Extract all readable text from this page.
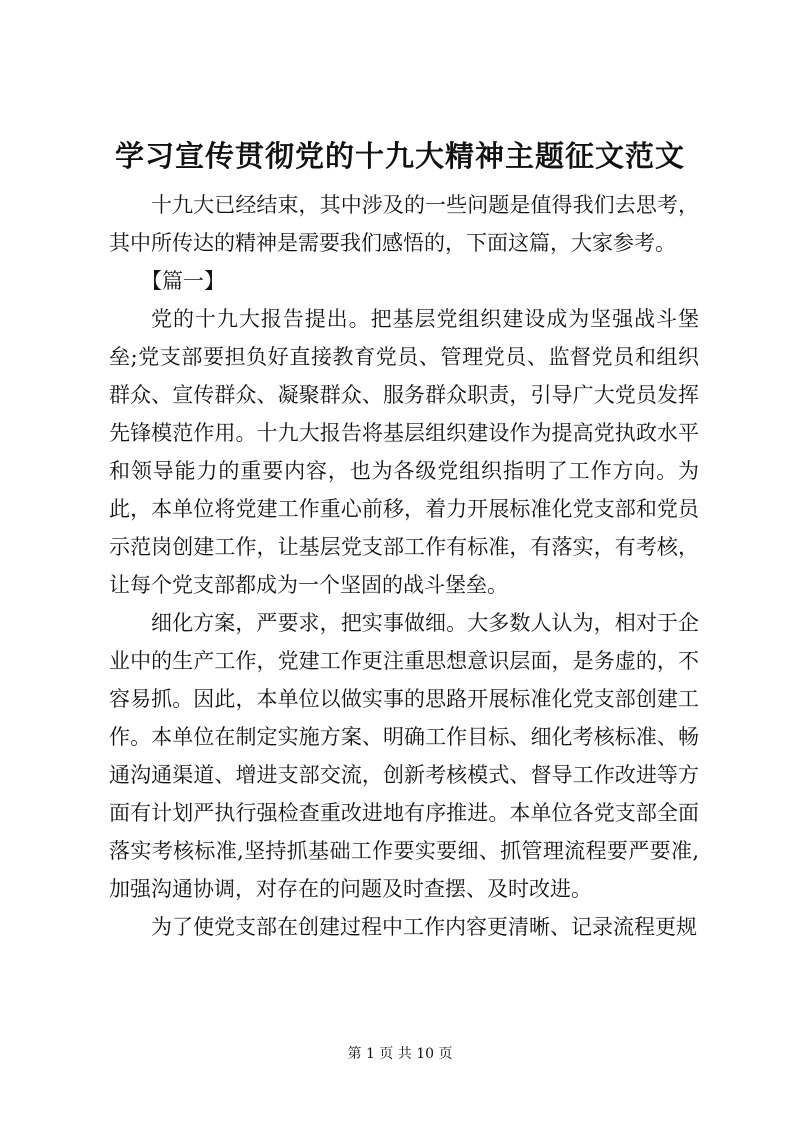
学习宣传贯彻党的十九大精神主题征文范文

十九大已经结束，其中涉及的一些问题是值得我们去思考，其中所传达的精神是需要我们感悟的，下面这篇，大家参考。

【篇一】

党的十九大报告提出。把基层党组织建设成为坚强战斗堡垒;党支部要担负好直接教育党员、管理党员、监督党员和组织群众、宣传群众、凝聚群众、服务群众职责，引导广大党员发挥先锋模范作用。十九大报告将基层组织建设作为提高党执政水平和领导能力的重要内容，也为各级党组织指明了工作方向。为此，本单位将党建工作重心前移，着力开展标准化党支部和党员示范岗创建工作，让基层党支部工作有标准，有落实，有考核，让每个党支部都成为一个坚固的战斗堡垒。

细化方案，严要求，把实事做细。大多数人认为，相对于企业中的生产工作，党建工作更注重思想意识层面，是务虚的，不容易抓。因此，本单位以做实事的思路开展标准化党支部创建工作。本单位在制定实施方案、明确工作目标、细化考核标准、畅通沟通渠道、增进支部交流，创新考核模式、督导工作改进等方面有计划严执行强检查重改进地有序推进。本单位各党支部全面落实考核标准,坚持抓基础工作要实要细、抓管理流程要严要准,加强沟通协调，对存在的问题及时查摆、及时改进。

为了使党支部在创建过程中工作内容更清晰、记录流程更规

第 1 页 共 10 页
